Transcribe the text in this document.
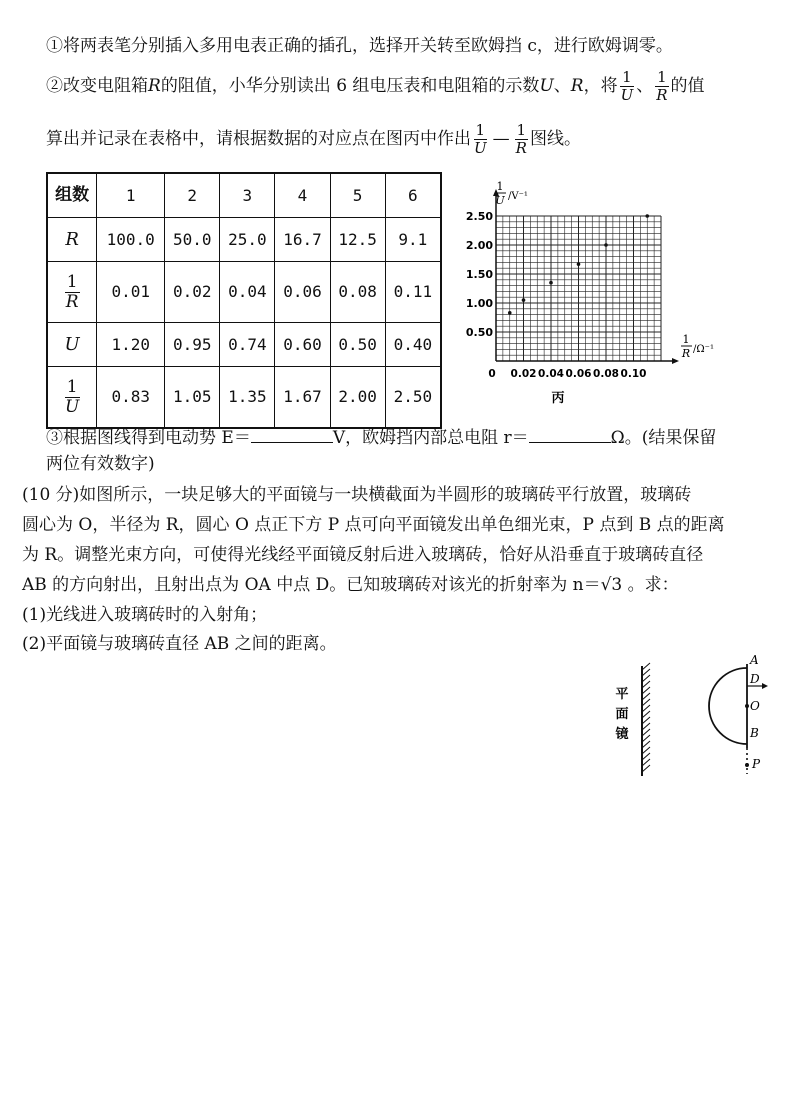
①将两表笔分别插入多用电表正确的插孔，选择开关转至欧姆挡 c，进行欧姆调零。
②改变电阻箱 R 的阻值，小华分别读出 6 组电压表和电阻箱的示数 U 、 R ，将 $\frac{1}{U}$ 、 $\frac{1}{R}$ 的值
算出并记录在表格中，请根据数据的对应点在图丙中作出 $\frac{1}{U}$ — $\frac{1}{R}$ 图线。
组数	1	2	3	4	5	6
R	100.0	50.0	25.0	16.7	12.5	9.1

$\frac{1}{R}$	0.01	0.02	0.04	0.06	0.08	0.11
U	1.20	0.95	0.74	0.60	0.50	0.40

$\frac{1}{U}$	0.83	1.05	1.35	1.67	2.00	2.50
0.50
1.00
1.50
2.00
2.50
0 0.02 0.04 0.06 0.08 0.10
1
U /V⁻¹
1
R /Ω⁻¹
丙
③根据图线得到电动势 E＝	V，欧姆挡内部总电阻 r＝	Ω。(结果保留
两位有效数字)
(10 分)如图所示，一块足够大的平面镜与一块横截面为半圆形的玻璃砖平行放置，玻璃砖
圆心为 O，半径为 R，圆心 O 点正下方 P 点可向平面镜发出单色细光束，P 点到 B 点的距离
为 R。调整光束方向，可使得光线经平面镜反射后进入玻璃砖，恰好从沿垂直于玻璃砖直径
AB 的方向射出，且射出点为 OA 中点 D。已知玻璃砖对该光的折射率为 n＝√3 。求：
(1)光线进入玻璃砖时的入射角；
(2)平面镜与玻璃砖直径 AB 之间的距离。
平
面
镜
A
D
O
B
P
